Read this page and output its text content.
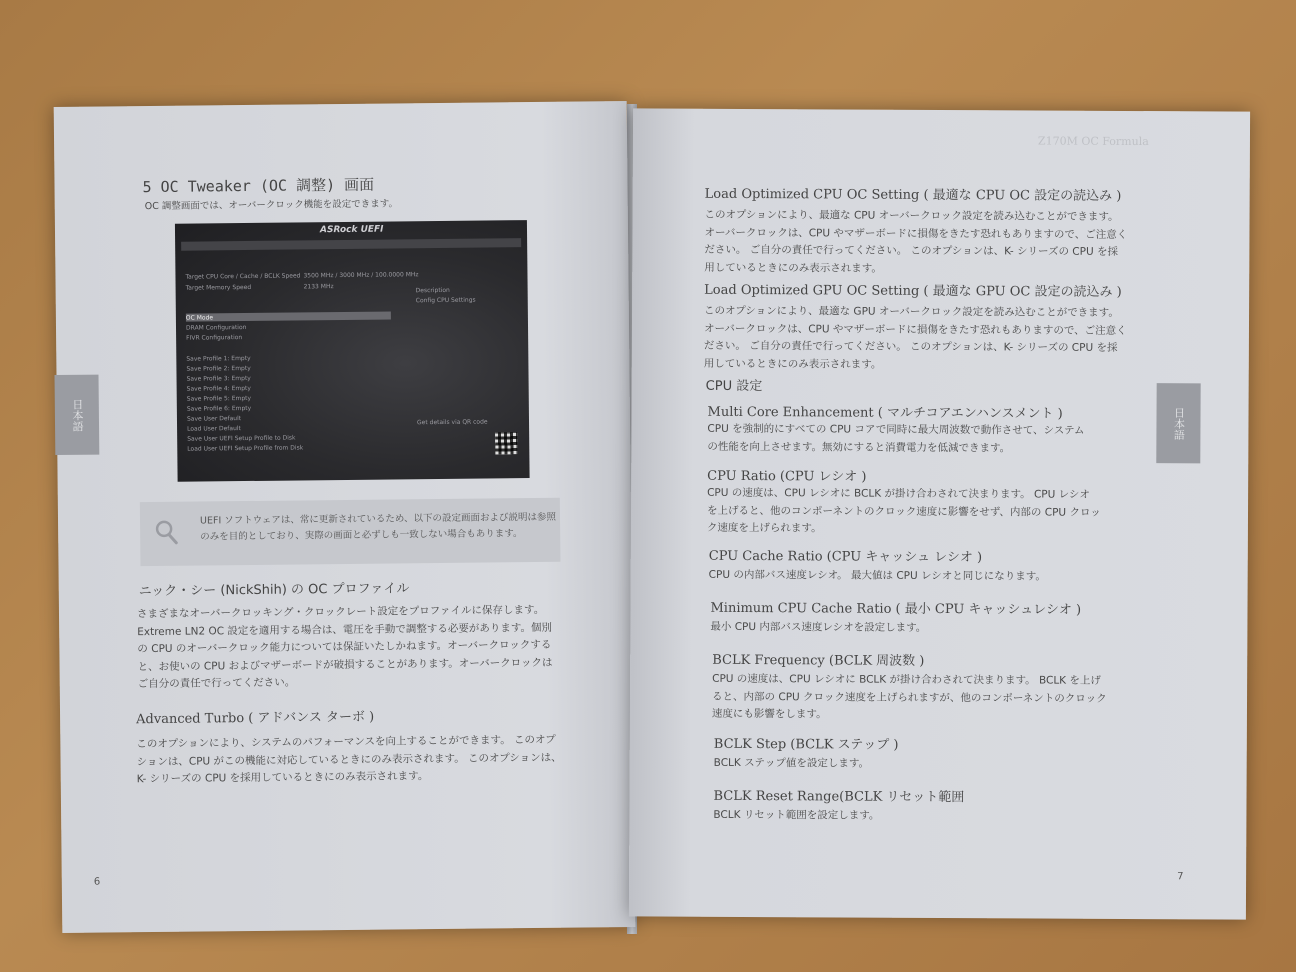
日本語
5 OC Tweaker (OC 調整) 画面
OC 調整画面では、オーバークロック機能を設定できます。
ASRock UEFI
Target CPU Core / Cache / BCLK Speed 3500 MHz / 3000 MHz / 100.0000 MHz
Target Memory Speed	2133 MHz
OC Mode
DRAM Configuration
FIVR Configuration
Save Profile 1: Empty
Save Profile 2: Empty
Save Profile 3: Empty
Save Profile 4: Empty
Save Profile 5: Empty
Save Profile 6: Empty
Save User Default
Load User Default
Save User UEFI Setup Profile to Disk
Load User UEFI Setup Profile from Disk
Description
Config CPU Settings
Get details via QR code
UEFI ソフトウェアは、常に更新されているため、以下の設定画面および説明は参照
のみを目的としており、実際の画面と必ずしも一致しない場合もあります。
ニック・シー (NickShih) の OC プロファイル
さまざまなオーバークロッキング・クロックレート設定をプロファイルに保存します。
Extreme LN2 OC 設定を適用する場合は、電圧を手動で調整する必要があります。個別
の CPU のオーバークロック能力については保証いたしかねます。オーバークロックする
と、お使いの CPU およびマザーボードが破損することがあります。オーバークロックは
ご自分の責任で行ってください。
Advanced Turbo ( アドバンス ターボ )
このオプションにより、システムのパフォーマンスを向上することができます。 このオプ
ションは、CPU がこの機能に対応しているときにのみ表示されます。 このオプションは、
K- シリーズの CPU を採用しているときにのみ表示されます。
6
Z170M OC Formula
日本語
Load Optimized CPU OC Setting ( 最適な CPU OC 設定の読込み )
このオプションにより、最適な CPU オーバークロック設定を読み込むことができます。
オーバークロックは、CPU やマザーボードに損傷をきたす恐れもありますので、ご注意く
ださい。 ご自分の責任で行ってください。 このオプションは、K- シリーズの CPU を採
用しているときにのみ表示されます。
Load Optimized GPU OC Setting ( 最適な GPU OC 設定の読込み )
このオプションにより、最適な GPU オーバークロック設定を読み込むことができます。
オーバークロックは、CPU やマザーボードに損傷をきたす恐れもありますので、ご注意く
ださい。 ご自分の責任で行ってください。 このオプションは、K- シリーズの CPU を採
用しているときにのみ表示されます。
CPU 設定
Multi Core Enhancement ( マルチコアエンハンスメント )
CPU を強制的にすべての CPU コアで同時に最大周波数で動作させて、システム
の性能を向上させます。無効にすると消費電力を低減できます。
CPU Ratio (CPU レシオ )
CPU の速度は、CPU レシオに BCLK が掛け合わされて決まります。 CPU レシオ
を上げると、他のコンポーネントのクロック速度に影響をせず、内部の CPU クロッ
ク速度を上げられます。
CPU Cache Ratio (CPU キャッシュ レシオ )
CPU の内部バス速度レシオ。 最大値は CPU レシオと同じになります。
Minimum CPU Cache Ratio ( 最小 CPU キャッシュレシオ )
最小 CPU 内部バス速度レシオを設定します。
BCLK Frequency (BCLK 周波数 )
CPU の速度は、CPU レシオに BCLK が掛け合わされて決まります。 BCLK を上げ
ると、内部の CPU クロック速度を上げられますが、他のコンポーネントのクロック
速度にも影響をします。
BCLK Step (BCLK ステップ )
BCLK ステップ値を設定します。
BCLK Reset Range(BCLK リセット範囲
BCLK リセット範囲を設定します。
7
